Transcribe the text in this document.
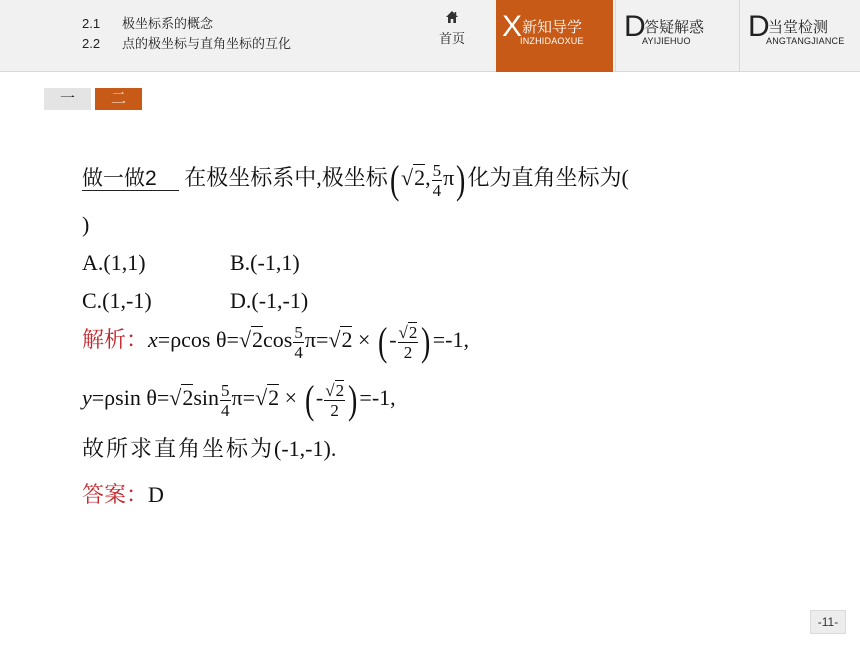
2.1 极坐标系的概念
2.2 点的极坐标与直角坐标的互化	首页	X 新知导学
INZHIDAOXUE D
答疑解惑
AYIJIEHUO D
当堂检测
ANGTANGJIANCE
一	二
做一做2 在极坐标系中,极坐标(√2, $\frac{5}{4} \pi$)化为直角坐标为(
)
A.(1,1)	B.(-1,1)
C.(1,-1)	D.(-1,-1)
解析：x=ρcos $\theta=√2\cos \frac{5}{4} \pi=√2$ × (- $\frac{√2}{2} )=-1$,
y=ρsin $\theta=√2\sin \frac{5}{4} \pi=√2$ × (- $\frac{√2}{2} )=-1$,
故所求直角坐标为(-1,-1).
答案：D
-11-
